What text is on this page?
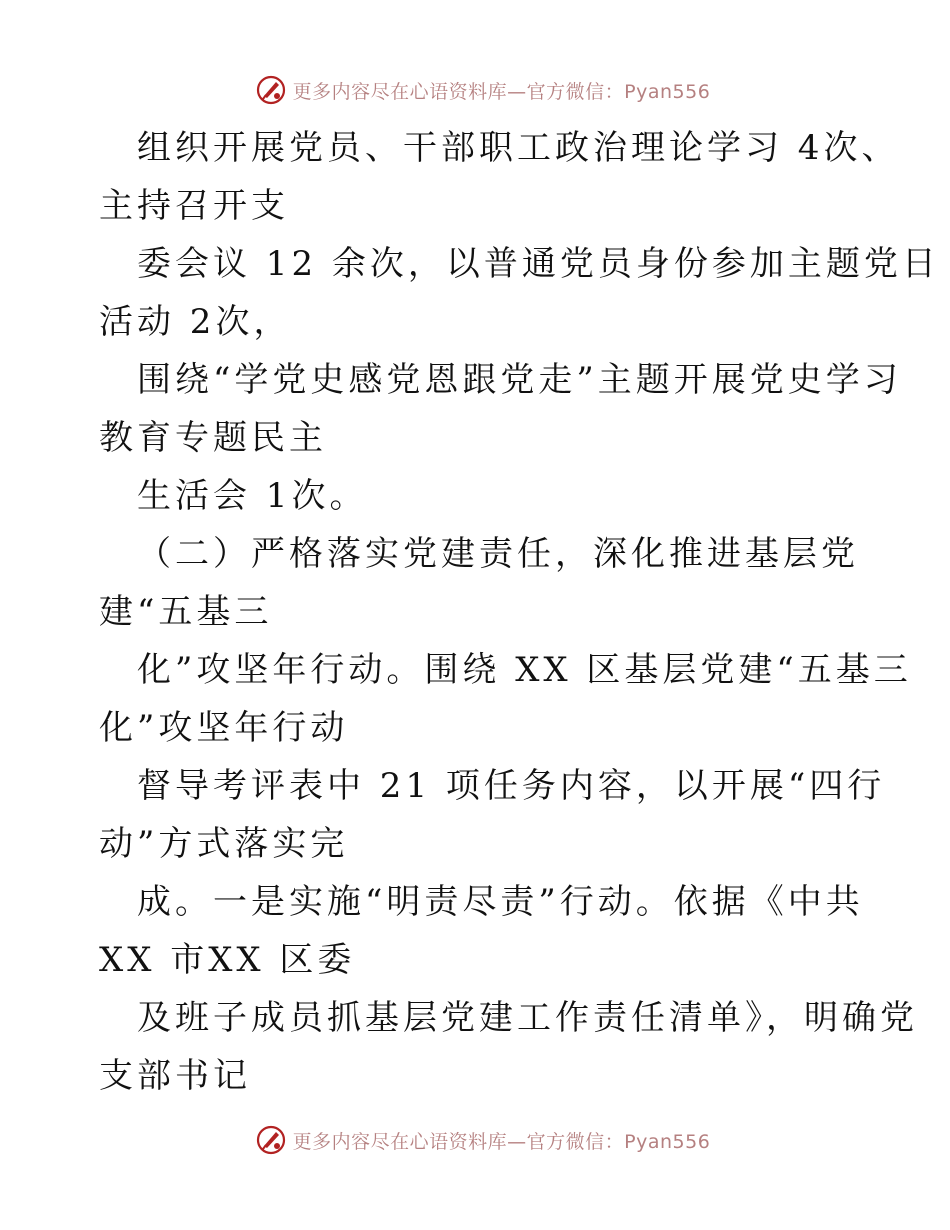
更多内容尽在心语资料库—官方微信：Pyan556
组织开展党员、干部职工政治理论学习 4次、
主持召开支
委会议 12 余次，以普通党员身份参加主题党日
活动 2次，
围绕“学党史感党恩跟党走”主题开展党史学习
教育专题民主
生活会 1次。
（二）严格落实党建责任，深化推进基层党
建“五基三
化”攻坚年行动。围绕 XX 区基层党建“五基三
化”攻坚年行动
督导考评表中 21 项任务内容，以开展“四行
动”方式落实完
成。一是实施“明责尽责”行动。依据《中共
XX 市XX 区委
及班子成员抓基层党建工作责任清单》，明确党
支部书记
更多内容尽在心语资料库—官方微信：Pyan556
